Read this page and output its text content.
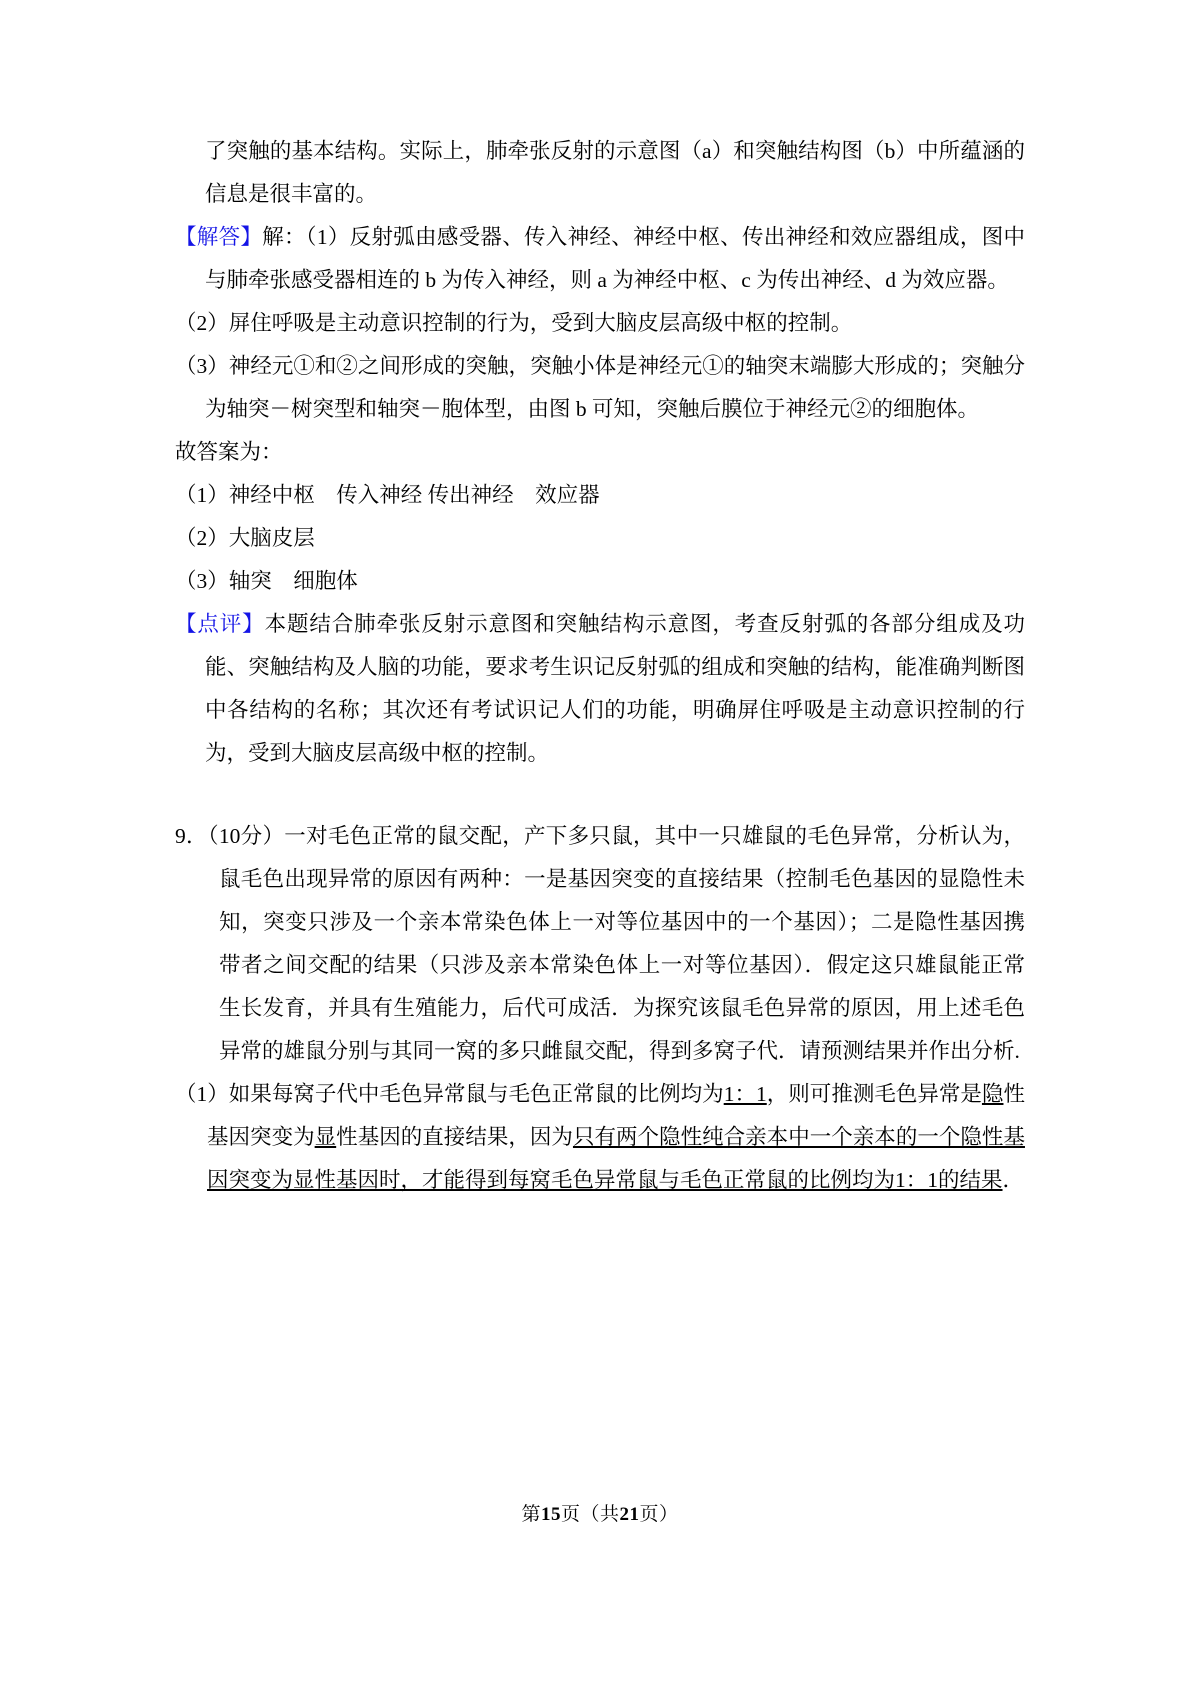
了突触的基本结构。实际上，肺牵张反射的示意图（a）和突触结构图（b）中所蕴涵的信息是很丰富的。

【解答】解：（1）反射弧由感受器、传入神经、神经中枢、传出神经和效应器组成，图中与肺牵张感受器相连的 b 为传入神经，则 a 为神经中枢、c 为传出神经、d 为效应器。

（2）屏住呼吸是主动意识控制的行为，受到大脑皮层高级中枢的控制。

（3）神经元①和②之间形成的突触，突触小体是神经元①的轴突末端膨大形成的；突触分为轴突－树突型和轴突－胞体型，由图 b 可知，突触后膜位于神经元②的细胞体。

故答案为：

（1）神经中枢　传入神经 传出神经　效应器

（2）大脑皮层

（3）轴突　细胞体

【点评】本题结合肺牵张反射示意图和突触结构示意图，考查反射弧的各部分组成及功能、突触结构及人脑的功能，要求考生识记反射弧的组成和突触的结构，能准确判断图中各结构的名称；其次还有考试识记人们的功能，明确屏住呼吸是主动意识控制的行为，受到大脑皮层高级中枢的控制。

9．（10分）一对毛色正常的鼠交配，产下多只鼠，其中一只雄鼠的毛色异常，分析认为，鼠毛色出现异常的原因有两种：一是基因突变的直接结果（控制毛色基因的显隐性未知，突变只涉及一个亲本常染色体上一对等位基因中的一个基因）；二是隐性基因携带者之间交配的结果（只涉及亲本常染色体上一对等位基因）．假定这只雄鼠能正常生长发育，并具有生殖能力，后代可成活．为探究该鼠毛色异常的原因，用上述毛色异常的雄鼠分别与其同一窝的多只雌鼠交配，得到多窝子代．请预测结果并作出分析.

（1）如果每窝子代中毛色异常鼠与毛色正常鼠的比例均为1：1，则可推测毛色异常是隐性基因突变为显性基因的直接结果，因为只有两个隐性纯合亲本中一个亲本的一个隐性基因突变为显性基因时，才能得到每窝毛色异常鼠与毛色正常鼠的比例均为1：1的结果．

第15页（共21页）
